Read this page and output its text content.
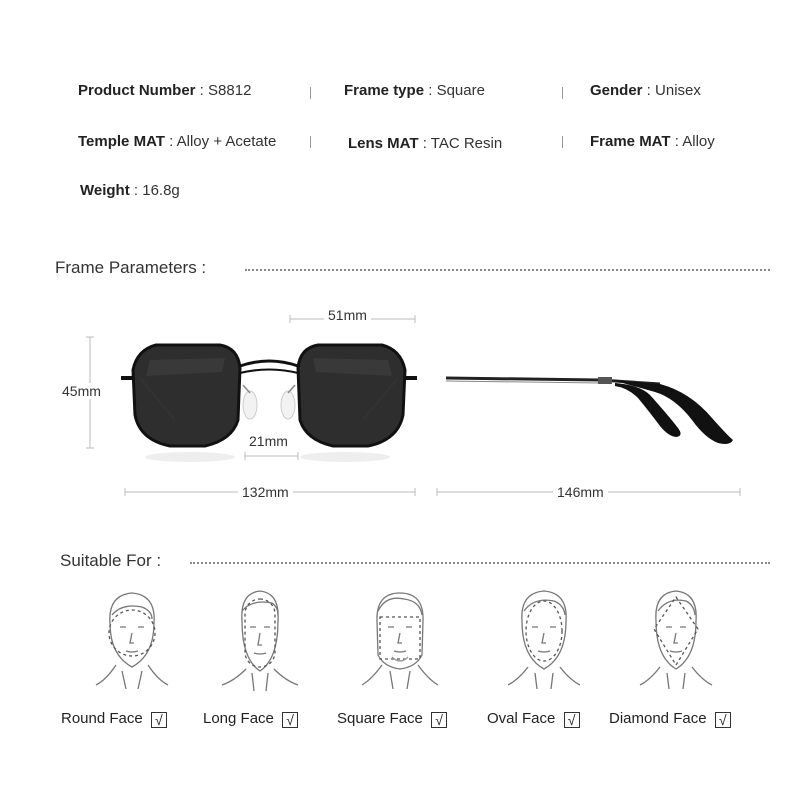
Product Number : S8812	Frame type : Square	Gender : Unisex
Temple MAT : Alloy + Acetate	Lens MAT : TAC Resin	Frame MAT : Alloy
Weight : 16.8g
Frame Parameters :
51mm
45mm
21mm
132mm	146mm
Suitable For :
Round Face √	Long Face √	Square Face √	Oval Face √ Diamond Face √
